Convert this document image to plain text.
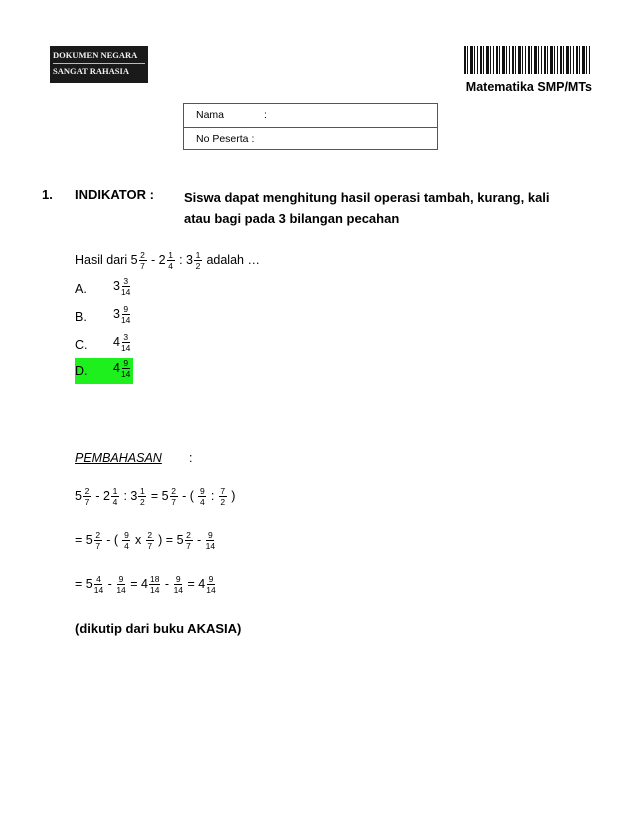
DOKUMEN NEGARA
SANGAT RAHASIA
Matematika SMP/MTs
Nama	:
No Peserta :
1. INDIKATOR : Siswa dapat menghitung hasil operasi tambah, kurang, kali atau bagi pada 3 bilangan pecahan
Hasil dari $5 \frac{2}{7} - 2 \frac{1}{4}$ : $3 \frac{1}{2}$ adalah …
A. $3 \frac{3}{14}$
B. $3 \frac{9}{14}$
C. $4 \frac{3}{14}$
D. $4 \frac{9}{14}$
PEMBAHASAN :
$5 \frac{2}{7} - 2 \frac{1}{4}$ : $3 \frac{1}{2} = 5 \frac{2}{7}$ - ( $\frac{9}{4}$ : $\frac{7}{2}$ )
= $5 \frac{2}{7}$ - ( $\frac{9}{4}$ x $\frac{2}{7}$ ) = $5 \frac{2}{7} - \frac{9}{14}$
= $5 \frac{4}{14} - \frac{9}{14} = 4 \frac{18}{14} - \frac{9}{14} = 4 \frac{9}{14}$
(dikutip dari buku AKASIA)
